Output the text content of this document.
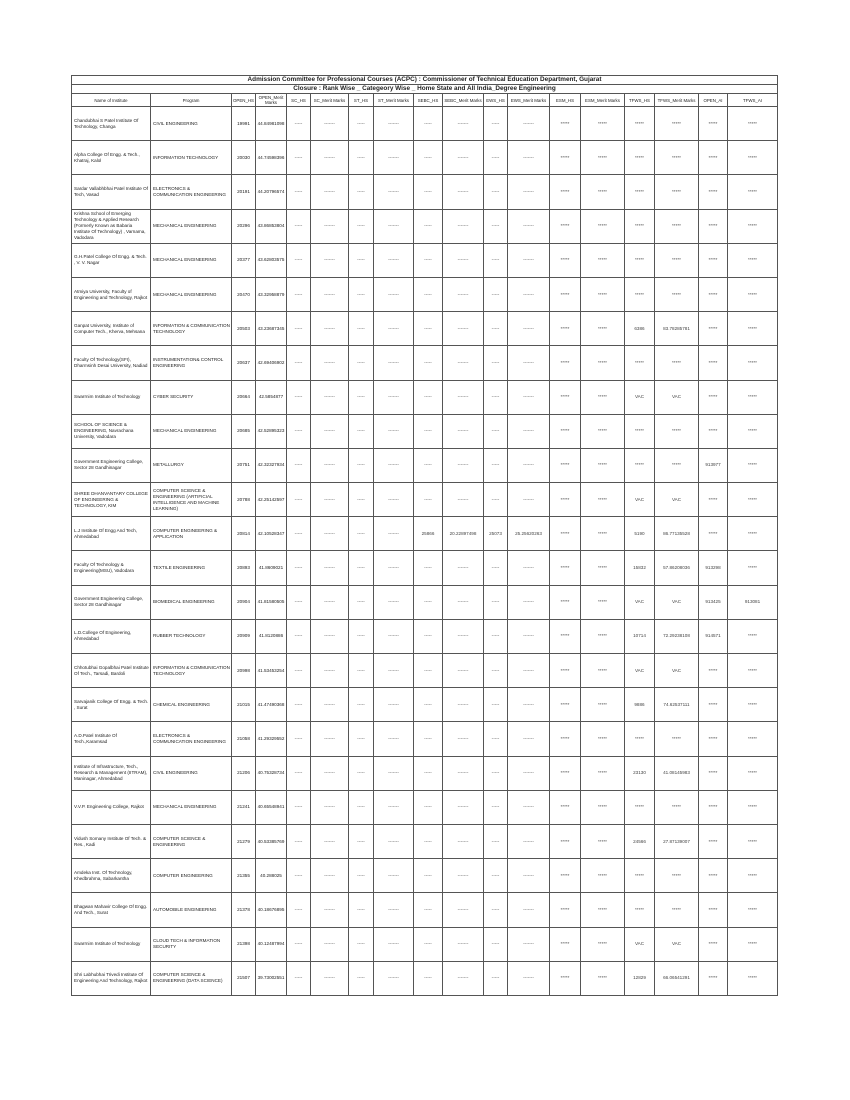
Admission Committee for Professional Courses (ACPC) : Commissioner of Technical Education Department, Gujarat																	
Closure : Rank Wise _ Categeory Wise _ Home State and All India_Degree Engineering																	
Name of Institute	Program	OPEN_HS	OPEN_Merit Marks	SC_HS	SC_Merit Marks	ST_HS	ST_Merit Marks	SEBC_HS	SEBC_Merit Marks	EWS_HS	EWS_Merit Marks	ESM_HS	ESM_Merit Marks	TFWS_HS	TFWS_Merit Marks	OPEN_AI	TFWS_AI
Chandubhai S Patel Institute Of Technology, Changa	CIVIL ENGINEERING	19991	44.84981098	-----	-------	-----	-------	-----	-------	-----	-------	*****	*****	*****	*****	*****	*****
Alpha College Of Engg. & Tech., Khatraj, Kalol	INFORMATION TECHNOLOGY	20030	44.74598396	-----	-------	-----	-------	-----	-------	-----	-------	*****	*****	*****	*****	*****	*****
Sardar Vallabhbhai Patel Institute Of Tech, Vasad	ELECTRONICS & COMMUNICATION ENGINEERING	20191	44.20796574	-----	-------	-----	-------	-----	-------	-----	-------	*****	*****	*****	*****	*****	*****
Krishna School of Emerging Technology & Applied Research (Formerly Known as Babaria Institute Of Technology) , Varnama, Vadodara	MECHANICAL ENGINEERING	20296	43.86853804	-----	-------	-----	-------	-----	-------	-----	-------	*****	*****	*****	*****	*****	*****
G.H.Patel College Of Engg. & Tech. , V. V. Nagar	MECHANICAL ENGINEERING	20377	43.62803575	-----	-------	-----	-------	-----	-------	-----	-------	*****	*****	*****	*****	*****	*****
Atmiya University, Faculty of Engineering and Technology, Rajkot	MECHANICAL ENGINEERING	20470	43.32958879	-----	-------	-----	-------	-----	-------	-----	-------	*****	*****	*****	*****	*****	*****
Ganpat University, Institute of Computer Tech., Kherva, Mehsana	INFORMATION & COMMUNICATION TECHNOLOGY	20503	43.23687345	-----	-------	-----	-------	-----	-------	-----	-------	*****	*****	6386	83.78285781	*****	*****
Faculty Of Technology(SFI), Dharmsinh Desai University, Nadiad	INSTRUMENTATION& CONTROL ENGINEERING	20637	42.69406902	-----	-------	-----	-------	-----	-------	-----	-------	*****	*****	*****	*****	*****	*****
Swarrnim Institute of Technology	CYBER SECURITY	20664	42.5854877	-----	-------	-----	-------	-----	-------	-----	-------	*****	*****	VAC	VAC	*****	*****
SCHOOL OF SCIENCE & ENGINEERING, Navrachana University, Vadodara	MECHANICAL ENGINEERING	20685	42.52895323	-----	-------	-----	-------	-----	-------	-----	-------	*****	*****	*****	*****	*****	*****
Government Engineering College, Sector 28 Gandhinagar	METALLURGY	20751	42.32327934	-----	-------	-----	-------	-----	-------	-----	-------	*****	*****	*****	*****	913977	*****
SHREE DHANVANTARY COLLEGE OF ENGINEERING & TECHNOLOGY, KIM	COMPUTER SCIENCE & ENGINEERING (ARTIFICIAL INTELLIGENCE AND MACHINE LEARNING)	20788	42.25142597	-----	-------	-----	-------	-----	-------	-----	-------	*****	*****	VAC	VAC	*****	*****
L.J Institute Of Engg And Tech, Ahmedabad	COMPUTER ENGINEERING & APPLICATION	20814	42.10528347	-----	-------	-----	-------	25866	20.22897498	25073	25.25620263	*****	*****	5190	86.77135528	*****	*****
Faculty Of Technology & Engineering(MSU), Vadodara	TEXTILE ENGINEERING	20893	41.8609021	-----	-------	-----	-------	-----	-------	-----	-------	*****	*****	15832	57.86208036	913298	*****
Government Engineering College, Sector 28 Gandhinagar	BIOMEDICAL ENGINEERING	20904	41.81580505	-----	-------	-----	-------	-----	-------	-----	-------	*****	*****	VAC	VAC	913425	913081
L.D.College Of Engineering, Ahmedabad	RUBBER TECHNOLOGY	20909	41.8120886	-----	-------	-----	-------	-----	-------	-----	-------	*****	*****	10714	72.29238108	914571	*****
Chhotubhai Gopalbhai Patel Institute Of Tech., Tarsadi, Bardoli	INFORMATION & COMMUNICATION TECHNOLOGY	20998	41.53453254	-----	-------	-----	-------	-----	-------	-----	-------	*****	*****	VAC	VAC	*****	*****
Sarvajanik College Of Engg. & Tech. , Surat	CHEMICAL ENGINEERING	21015	41.47490368	-----	-------	-----	-------	-----	-------	-----	-------	*****	*****	9886	74.62537111	*****	*****
A.D.Patel Institute Of Tech.,Karamsad	ELECTRONICS & COMMUNICATION ENGINEERING	21058	41.29329552	-----	-------	-----	-------	-----	-------	-----	-------	*****	*****	*****	*****	*****	*****
Institute of Infrastructure, Tech., Research & Management (IITRAM), Maninagar, Ahmedabad	CIVIL ENGINEERING	21206	40.75328734	-----	-------	-----	-------	-----	-------	-----	-------	*****	*****	23130	41.08145983	*****	*****
V.V.P. Engineering College, Rajkot	MECHANICAL ENGINEERING	21241	40.65548941	-----	-------	-----	-------	-----	-------	-----	-------	*****	*****	*****	*****	*****	*****
Vidush Somany Institute Of Tech. & Res., Kadi	COMPUTER SCIENCE & ENGINEERING	21279	40.53385769	-----	-------	-----	-------	-----	-------	-----	-------	*****	*****	24566	27.87139007	*****	*****
Amdeka Inst. Of Technology, Khedbrahma, Sabarkantha	COMPUTER ENGINEERING	21355	40.288025	-----	-------	-----	-------	-----	-------	-----	-------	*****	*****	*****	*****	*****	*****
Bhagwan Mahavir College Of Engg. And Tech., Surat	AUTOMOBILE ENGINEERING	21378	40.18676895	-----	-------	-----	-------	-----	-------	-----	-------	*****	*****	*****	*****	*****	*****
Swarrnim Institute of Technology	CLOUD TECH & INFORMATION SECURITY	21398	40.12487994	-----	-------	-----	-------	-----	-------	-----	-------	*****	*****	VAC	VAC	*****	*****
Shri Labhubhai Trivedi Institute Of Engineering And Technology, Rajkot	COMPUTER SCIENCE & ENGINEERING (DATA SCIENCE)	21507	39.73002551	-----	-------	-----	-------	-----	-------	-----	-------	*****	*****	12829	66.06541291	*****	*****
